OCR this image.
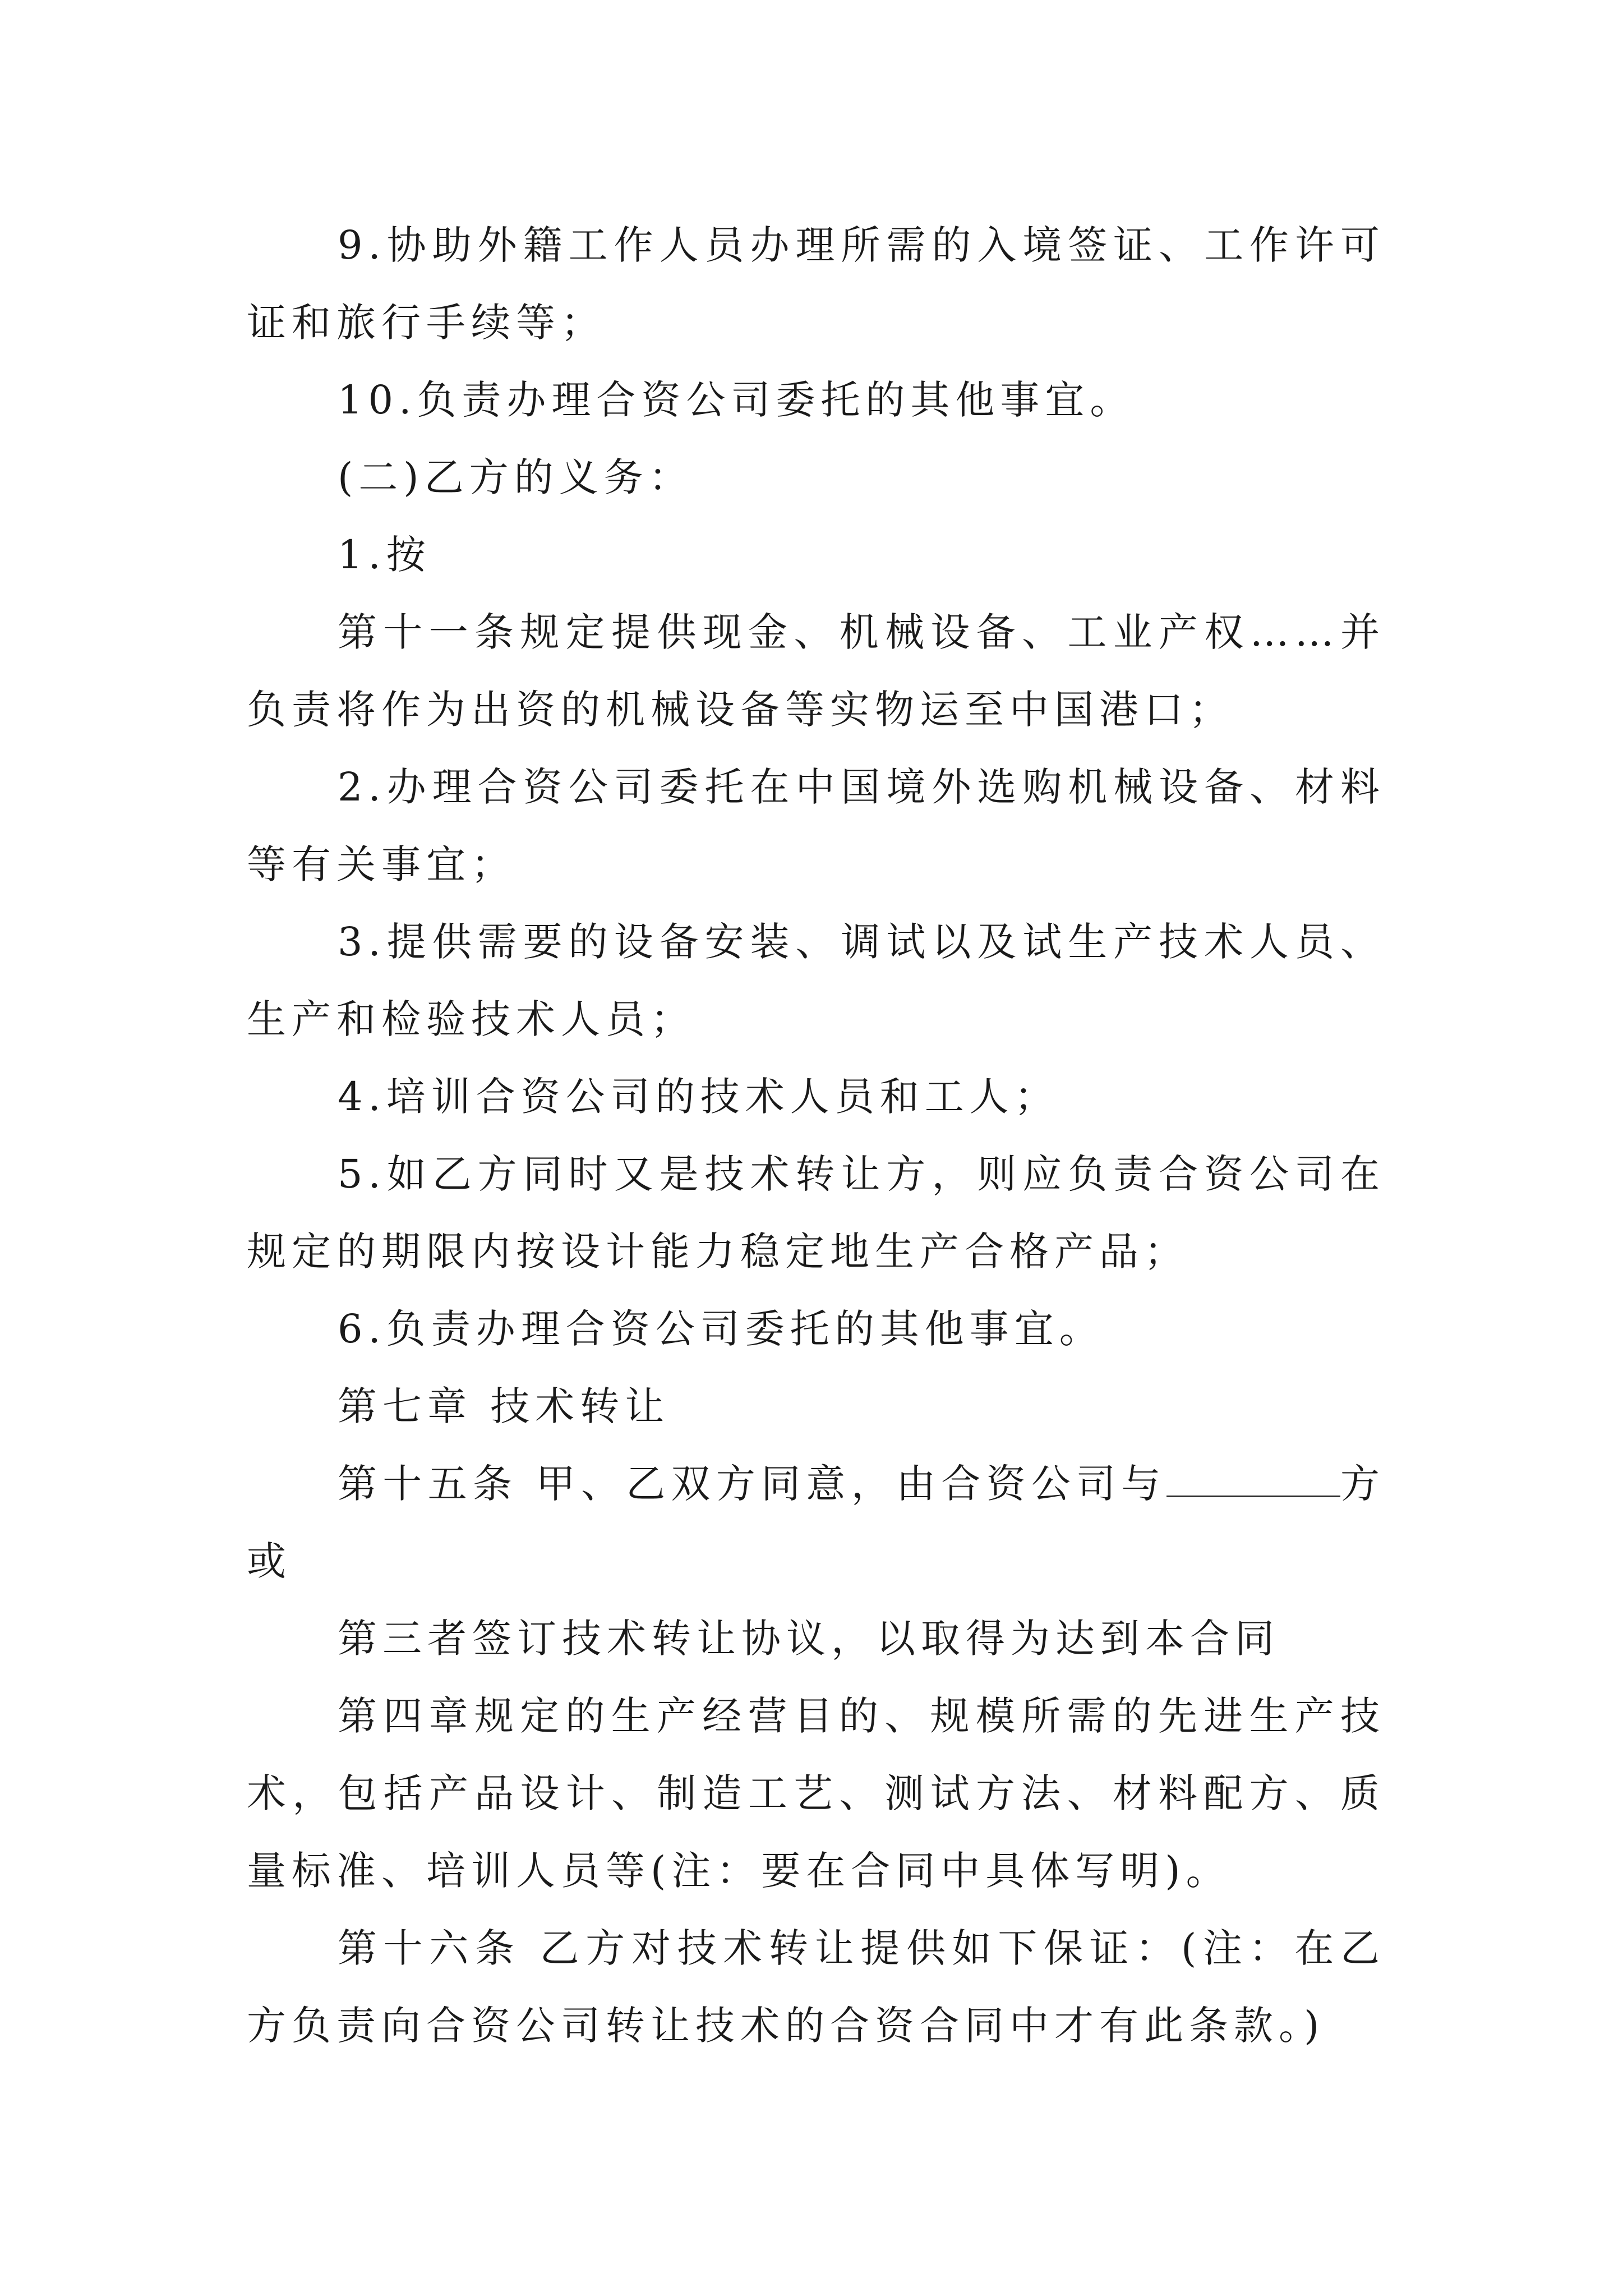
9.协助外籍工作人员办理所需的入境签证、工作许可证和旅行手续等；

10.负责办理合资公司委托的其他事宜。

(二)乙方的义务：

1.按

第十一条规定提供现金、机械设备、工业产权……并负责将作为出资的机械设备等实物运至中国港口；

2.办理合资公司委托在中国境外选购机械设备、材料等有关事宜；

3.提供需要的设备安装、调试以及试生产技术人员、生产和检验技术人员；

4.培训合资公司的技术人员和工人；

5.如乙方同时又是技术转让方，则应负责合资公司在规定的期限内按设计能力稳定地生产合格产品；

6.负责办理合资公司委托的其他事宜。

第七章 技术转让

第十五条 甲、乙双方同意，由合资公司与	方或

第三者签订技术转让协议，以取得为达到本合同

第四章规定的生产经营目的、规模所需的先进生产技术，包括产品设计、制造工艺、测试方法、材料配方、质量标准、培训人员等(注：要在合同中具体写明)。

第十六条 乙方对技术转让提供如下保证：(注：在乙方负责向合资公司转让技术的合资合同中才有此条款。)
